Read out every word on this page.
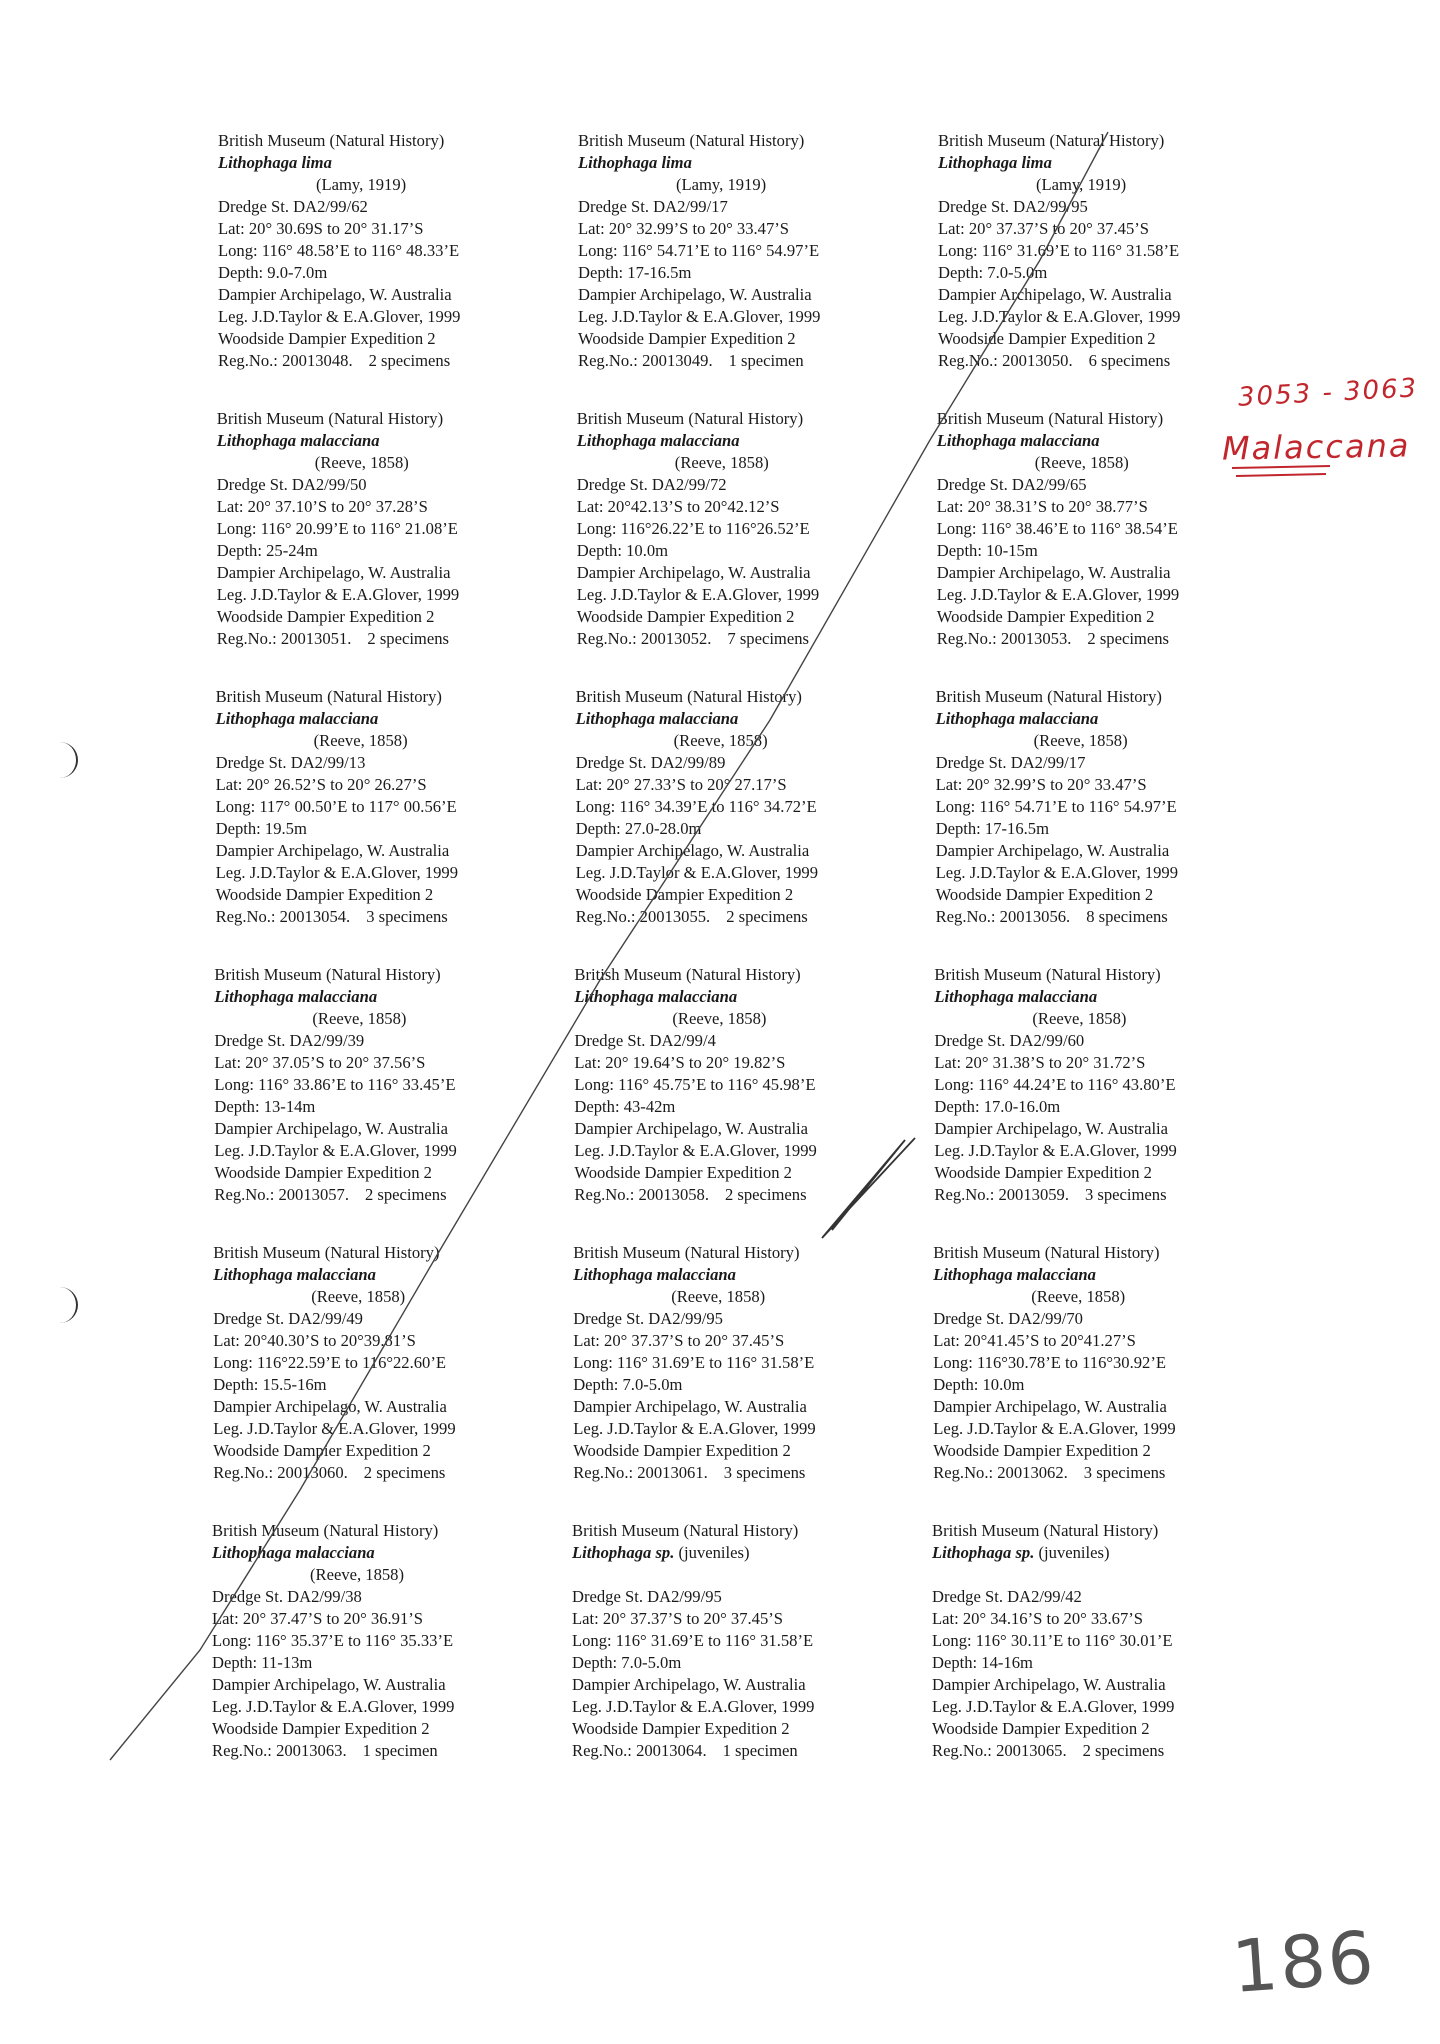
British Museum (Natural History)
Lithophaga lima
(Lamy, 1919)
Dredge St. DA2/99/62
Lat: 20° 30.69S to 20° 31.17’S
Long: 116° 48.58’E to 116° 48.33’E
Depth: 9.0-7.0m
Dampier Archipelago, W. Australia
Leg. J.D.Taylor & E.A.Glover, 1999
Woodside Dampier Expedition 2
Reg.No.: 20013048. 2 specimens
British Museum (Natural History)
Lithophaga lima
(Lamy, 1919)
Dredge St. DA2/99/17
Lat: 20° 32.99’S to 20° 33.47’S
Long: 116° 54.71’E to 116° 54.97’E
Depth: 17-16.5m
Dampier Archipelago, W. Australia
Leg. J.D.Taylor & E.A.Glover, 1999
Woodside Dampier Expedition 2
Reg.No.: 20013049. 1 specimen
British Museum (Natural History)
Lithophaga lima
(Lamy, 1919)
Dredge St. DA2/99/95
Lat: 20° 37.37’S to 20° 37.45’S
Long: 116° 31.69’E to 116° 31.58’E
Depth: 7.0-5.0m
Dampier Archipelago, W. Australia
Leg. J.D.Taylor & E.A.Glover, 1999
Woodside Dampier Expedition 2
Reg.No.: 20013050. 6 specimens
British Museum (Natural History)
Lithophaga malacciana
(Reeve, 1858)
Dredge St. DA2/99/50
Lat: 20° 37.10’S to 20° 37.28’S
Long: 116° 20.99’E to 116° 21.08’E
Depth: 25-24m
Dampier Archipelago, W. Australia
Leg. J.D.Taylor & E.A.Glover, 1999
Woodside Dampier Expedition 2
Reg.No.: 20013051. 2 specimens
British Museum (Natural History)
Lithophaga malacciana
(Reeve, 1858)
Dredge St. DA2/99/72
Lat: 20°42.13’S to 20°42.12’S
Long: 116°26.22’E to 116°26.52’E
Depth: 10.0m
Dampier Archipelago, W. Australia
Leg. J.D.Taylor & E.A.Glover, 1999
Woodside Dampier Expedition 2
Reg.No.: 20013052. 7 specimens
British Museum (Natural History)
Lithophaga malacciana
(Reeve, 1858)
Dredge St. DA2/99/65
Lat: 20° 38.31’S to 20° 38.77’S
Long: 116° 38.46’E to 116° 38.54’E
Depth: 10-15m
Dampier Archipelago, W. Australia
Leg. J.D.Taylor & E.A.Glover, 1999
Woodside Dampier Expedition 2
Reg.No.: 20013053. 2 specimens
British Museum (Natural History)
Lithophaga malacciana
(Reeve, 1858)
Dredge St. DA2/99/13
Lat: 20° 26.52’S to 20° 26.27’S
Long: 117° 00.50’E to 117° 00.56’E
Depth: 19.5m
Dampier Archipelago, W. Australia
Leg. J.D.Taylor & E.A.Glover, 1999
Woodside Dampier Expedition 2
Reg.No.: 20013054. 3 specimens
British Museum (Natural History)
Lithophaga malacciana
(Reeve, 1858)
Dredge St. DA2/99/89
Lat: 20° 27.33’S to 20° 27.17’S
Long: 116° 34.39’E to 116° 34.72’E
Depth: 27.0-28.0m
Dampier Archipelago, W. Australia
Leg. J.D.Taylor & E.A.Glover, 1999
Woodside Dampier Expedition 2
Reg.No.: 20013055. 2 specimens
British Museum (Natural History)
Lithophaga malacciana
(Reeve, 1858)
Dredge St. DA2/99/17
Lat: 20° 32.99’S to 20° 33.47’S
Long: 116° 54.71’E to 116° 54.97’E
Depth: 17-16.5m
Dampier Archipelago, W. Australia
Leg. J.D.Taylor & E.A.Glover, 1999
Woodside Dampier Expedition 2
Reg.No.: 20013056. 8 specimens
British Museum (Natural History)
Lithophaga malacciana
(Reeve, 1858)
Dredge St. DA2/99/39
Lat: 20° 37.05’S to 20° 37.56’S
Long: 116° 33.86’E to 116° 33.45’E
Depth: 13-14m
Dampier Archipelago, W. Australia
Leg. J.D.Taylor & E.A.Glover, 1999
Woodside Dampier Expedition 2
Reg.No.: 20013057. 2 specimens
British Museum (Natural History)
Lithophaga malacciana
(Reeve, 1858)
Dredge St. DA2/99/4
Lat: 20° 19.64’S to 20° 19.82’S
Long: 116° 45.75’E to 116° 45.98’E
Depth: 43-42m
Dampier Archipelago, W. Australia
Leg. J.D.Taylor & E.A.Glover, 1999
Woodside Dampier Expedition 2
Reg.No.: 20013058. 2 specimens
British Museum (Natural History)
Lithophaga malacciana
(Reeve, 1858)
Dredge St. DA2/99/60
Lat: 20° 31.38’S to 20° 31.72’S
Long: 116° 44.24’E to 116° 43.80’E
Depth: 17.0-16.0m
Dampier Archipelago, W. Australia
Leg. J.D.Taylor & E.A.Glover, 1999
Woodside Dampier Expedition 2
Reg.No.: 20013059. 3 specimens
British Museum (Natural History)
Lithophaga malacciana
(Reeve, 1858)
Dredge St. DA2/99/49
Lat: 20°40.30’S to 20°39.81’S
Long: 116°22.59’E to 116°22.60’E
Depth: 15.5-16m
Dampier Archipelago, W. Australia
Leg. J.D.Taylor & E.A.Glover, 1999
Woodside Dampier Expedition 2
Reg.No.: 20013060. 2 specimens
British Museum (Natural History)
Lithophaga malacciana
(Reeve, 1858)
Dredge St. DA2/99/95
Lat: 20° 37.37’S to 20° 37.45’S
Long: 116° 31.69’E to 116° 31.58’E
Depth: 7.0-5.0m
Dampier Archipelago, W. Australia
Leg. J.D.Taylor & E.A.Glover, 1999
Woodside Dampier Expedition 2
Reg.No.: 20013061. 3 specimens
British Museum (Natural History)
Lithophaga malacciana
(Reeve, 1858)
Dredge St. DA2/99/70
Lat: 20°41.45’S to 20°41.27’S
Long: 116°30.78’E to 116°30.92’E
Depth: 10.0m
Dampier Archipelago, W. Australia
Leg. J.D.Taylor & E.A.Glover, 1999
Woodside Dampier Expedition 2
Reg.No.: 20013062. 3 specimens
British Museum (Natural History)
Lithophaga malacciana
(Reeve, 1858)
Dredge St. DA2/99/38
Lat: 20° 37.47’S to 20° 36.91’S
Long: 116° 35.37’E to 116° 35.33’E
Depth: 11-13m
Dampier Archipelago, W. Australia
Leg. J.D.Taylor & E.A.Glover, 1999
Woodside Dampier Expedition 2
Reg.No.: 20013063. 1 specimen
British Museum (Natural History)
Lithophaga sp. (juveniles)
Dredge St. DA2/99/95
Lat: 20° 37.37’S to 20° 37.45’S
Long: 116° 31.69’E to 116° 31.58’E
Depth: 7.0-5.0m
Dampier Archipelago, W. Australia
Leg. J.D.Taylor & E.A.Glover, 1999
Woodside Dampier Expedition 2
Reg.No.: 20013064. 1 specimen
British Museum (Natural History)
Lithophaga sp. (juveniles)
Dredge St. DA2/99/42
Lat: 20° 34.16’S to 20° 33.67’S
Long: 116° 30.11’E to 116° 30.01’E
Depth: 14-16m
Dampier Archipelago, W. Australia
Leg. J.D.Taylor & E.A.Glover, 1999
Woodside Dampier Expedition 2
Reg.No.: 20013065. 2 specimens
3053 - 3063
Malaccana
186
